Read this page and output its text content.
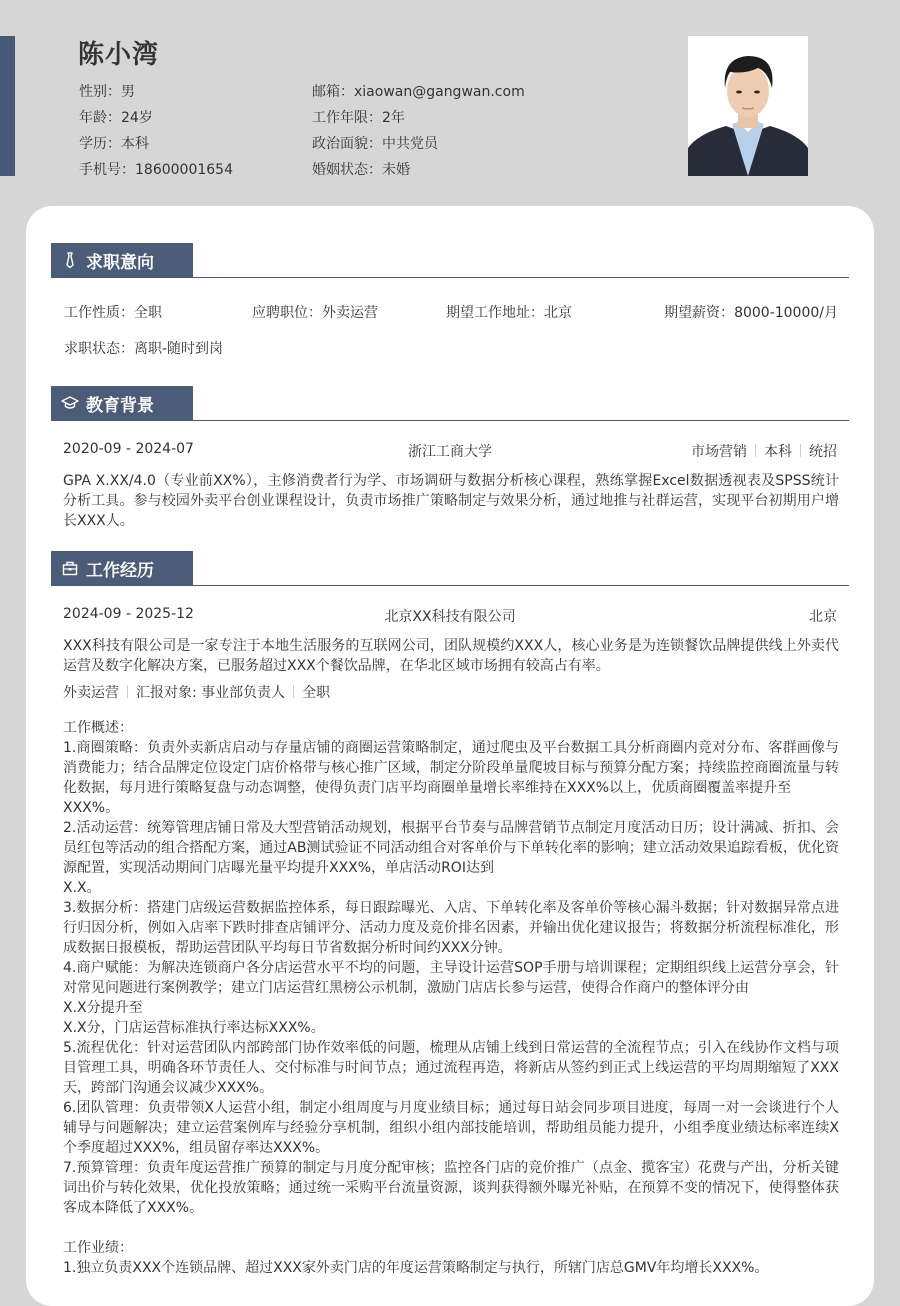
陈小湾
性别：男
年龄：24岁
学历：本科
手机号：18600001654
邮箱：xiaowan@gangwan.com
工作年限：2年
政治面貌：中共党员
婚姻状态：未婚
求职意向
工作性质：全职	应聘职位：外卖运营	期望工作地址：北京	期望薪资：8000-10000/月
求职状态：离职-随时到岗
教育背景
2020-09 - 2024-07	浙江工商大学	市场营销 本科 统招
GPA X.XX/4.0（专业前XX%），主修消费者行为学、市场调研与数据分析核心课程，熟练掌握Excel数据透视表及SPSS统计分析工具。参与校园外卖平台创业课程设计，负责市场推广策略制定与效果分析，通过地推与社群运营，实现平台初期用户增长XXX人。
工作经历
2024-09 - 2025-12	北京XX科技有限公司	北京
XXX科技有限公司是一家专注于本地生活服务的互联网公司，团队规模约XXX人，核心业务是为连锁餐饮品牌提供线上外卖代运营及数字化解决方案，已服务超过XXX个餐饮品牌，在华北区域市场拥有较高占有率。
外卖运营 汇报对象: 事业部负责人 全职
工作概述：
1.商圈策略：负责外卖新店启动与存量店铺的商圈运营策略制定，通过爬虫及平台数据工具分析商圈内竞对分布、客群画像与消费能力；结合品牌定位设定门店价格带与核心推广区域，制定分阶段单量爬坡目标与预算分配方案；持续监控商圈流量与转化数据，每月进行策略复盘与动态调整，使得负责门店平均商圈单量增长率维持在XXX%以上，优质商圈覆盖率提升至
XXX%。
2.活动运营：统筹管理店铺日常及大型营销活动规划，根据平台节奏与品牌营销节点制定月度活动日历；设计满减、折扣、会员红包等活动的组合搭配方案，通过AB测试验证不同活动组合对客单价与下单转化率的影响；建立活动效果追踪看板，优化资源配置，实现活动期间门店曝光量平均提升XXX%，单店活动ROI达到
X.X。
3.数据分析：搭建门店级运营数据监控体系，每日跟踪曝光、入店、下单转化率及客单价等核心漏斗数据；针对数据异常点进行归因分析，例如入店率下跌时排查店铺评分、活动力度及竞价排名因素，并输出优化建议报告；将数据分析流程标准化，形成数据日报模板，帮助运营团队平均每日节省数据分析时间约XXX分钟。
4.商户赋能：为解决连锁商户各分店运营水平不均的问题，主导设计运营SOP手册与培训课程；定期组织线上运营分享会，针对常见问题进行案例教学；建立门店运营红黑榜公示机制，激励门店店长参与运营，使得合作商户的整体评分由
X.X分提升至
X.X分，门店运营标准执行率达标XXX%。
5.流程优化：针对运营团队内部跨部门协作效率低的问题，梳理从店铺上线到日常运营的全流程节点；引入在线协作文档与项目管理工具，明确各环节责任人、交付标准与时间节点；通过流程再造，将新店从签约到正式上线运营的平均周期缩短了XXX天，跨部门沟通会议减少XXX%。
6.团队管理：负责带领X人运营小组，制定小组周度与月度业绩目标；通过每日站会同步项目进度，每周一对一会谈进行个人辅导与问题解决；建立运营案例库与经验分享机制，组织小组内部技能培训，帮助组员能力提升，小组季度业绩达标率连续X个季度超过XXX%，组员留存率达XXX%。
7.预算管理：负责年度运营推广预算的制定与月度分配审核；监控各门店的竞价推广（点金、揽客宝）花费与产出，分析关键词出价与转化效果，优化投放策略；通过统一采购平台流量资源，谈判获得额外曝光补贴，在预算不变的情况下，使得整体获客成本降低了XXX%。
工作业绩：
1.独立负责XXX个连锁品牌、超过XXX家外卖门店的年度运营策略制定与执行，所辖门店总GMV年均增长XXX%。
